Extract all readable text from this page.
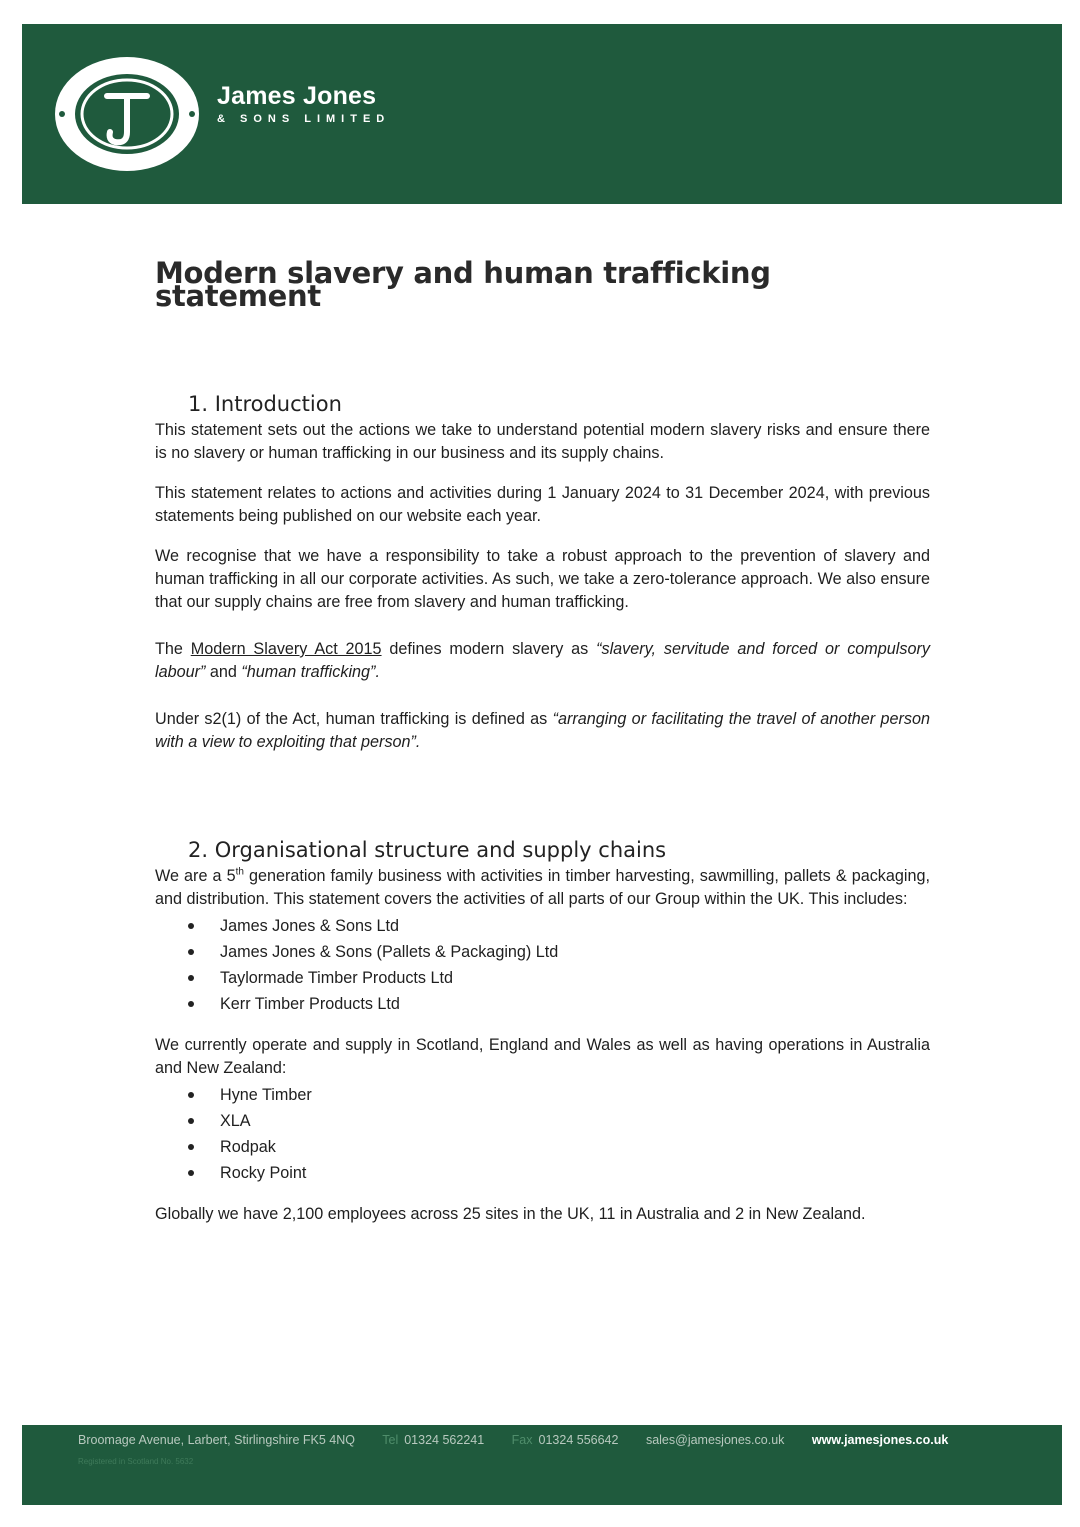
James Jones
& SONS LIMITED
Modern slavery and human trafficking statement
1. Introduction

This statement sets out the actions we take to understand potential modern slavery risks and ensure there is no slavery or human trafficking in our business and its supply chains.

This statement relates to actions and activities during 1 January 2024 to 31 December 2024, with previous statements being published on our website each year.

We recognise that we have a responsibility to take a robust approach to the prevention of slavery and human trafficking in all our corporate activities. As such, we take a zero-tolerance approach. We also ensure that our supply chains are free from slavery and human trafficking.

The Modern Slavery Act 2015 defines modern slavery as “slavery, servitude and forced or compulsory labour” and “human trafficking”.

Under s2(1) of the Act, human trafficking is defined as “arranging or facilitating the travel of another person with a view to exploiting that person”.

2. Organisational structure and supply chains

We are a 5th generation family business with activities in timber harvesting, sawmilling, pallets & packaging, and distribution. This statement covers the activities of all parts of our Group within the UK. This includes:

James Jones & Sons Ltd
James Jones & Sons (Pallets & Packaging) Ltd
Taylormade Timber Products Ltd
Kerr Timber Products Ltd

We currently operate and supply in Scotland, England and Wales as well as having operations in Australia and New Zealand:

Hyne Timber
XLA
Rodpak
Rocky Point

Globally we have 2,100 employees across 25 sites in the UK, 11 in Australia and 2 in New Zealand.

Broomage Avenue, Larbert, Stirlingshire FK5 4NQ Tel 01324 562241 Fax 01324 556642 sales@jamesjones.co.uk www.jamesjones.co.uk
Registered in Scotland No. 5632
